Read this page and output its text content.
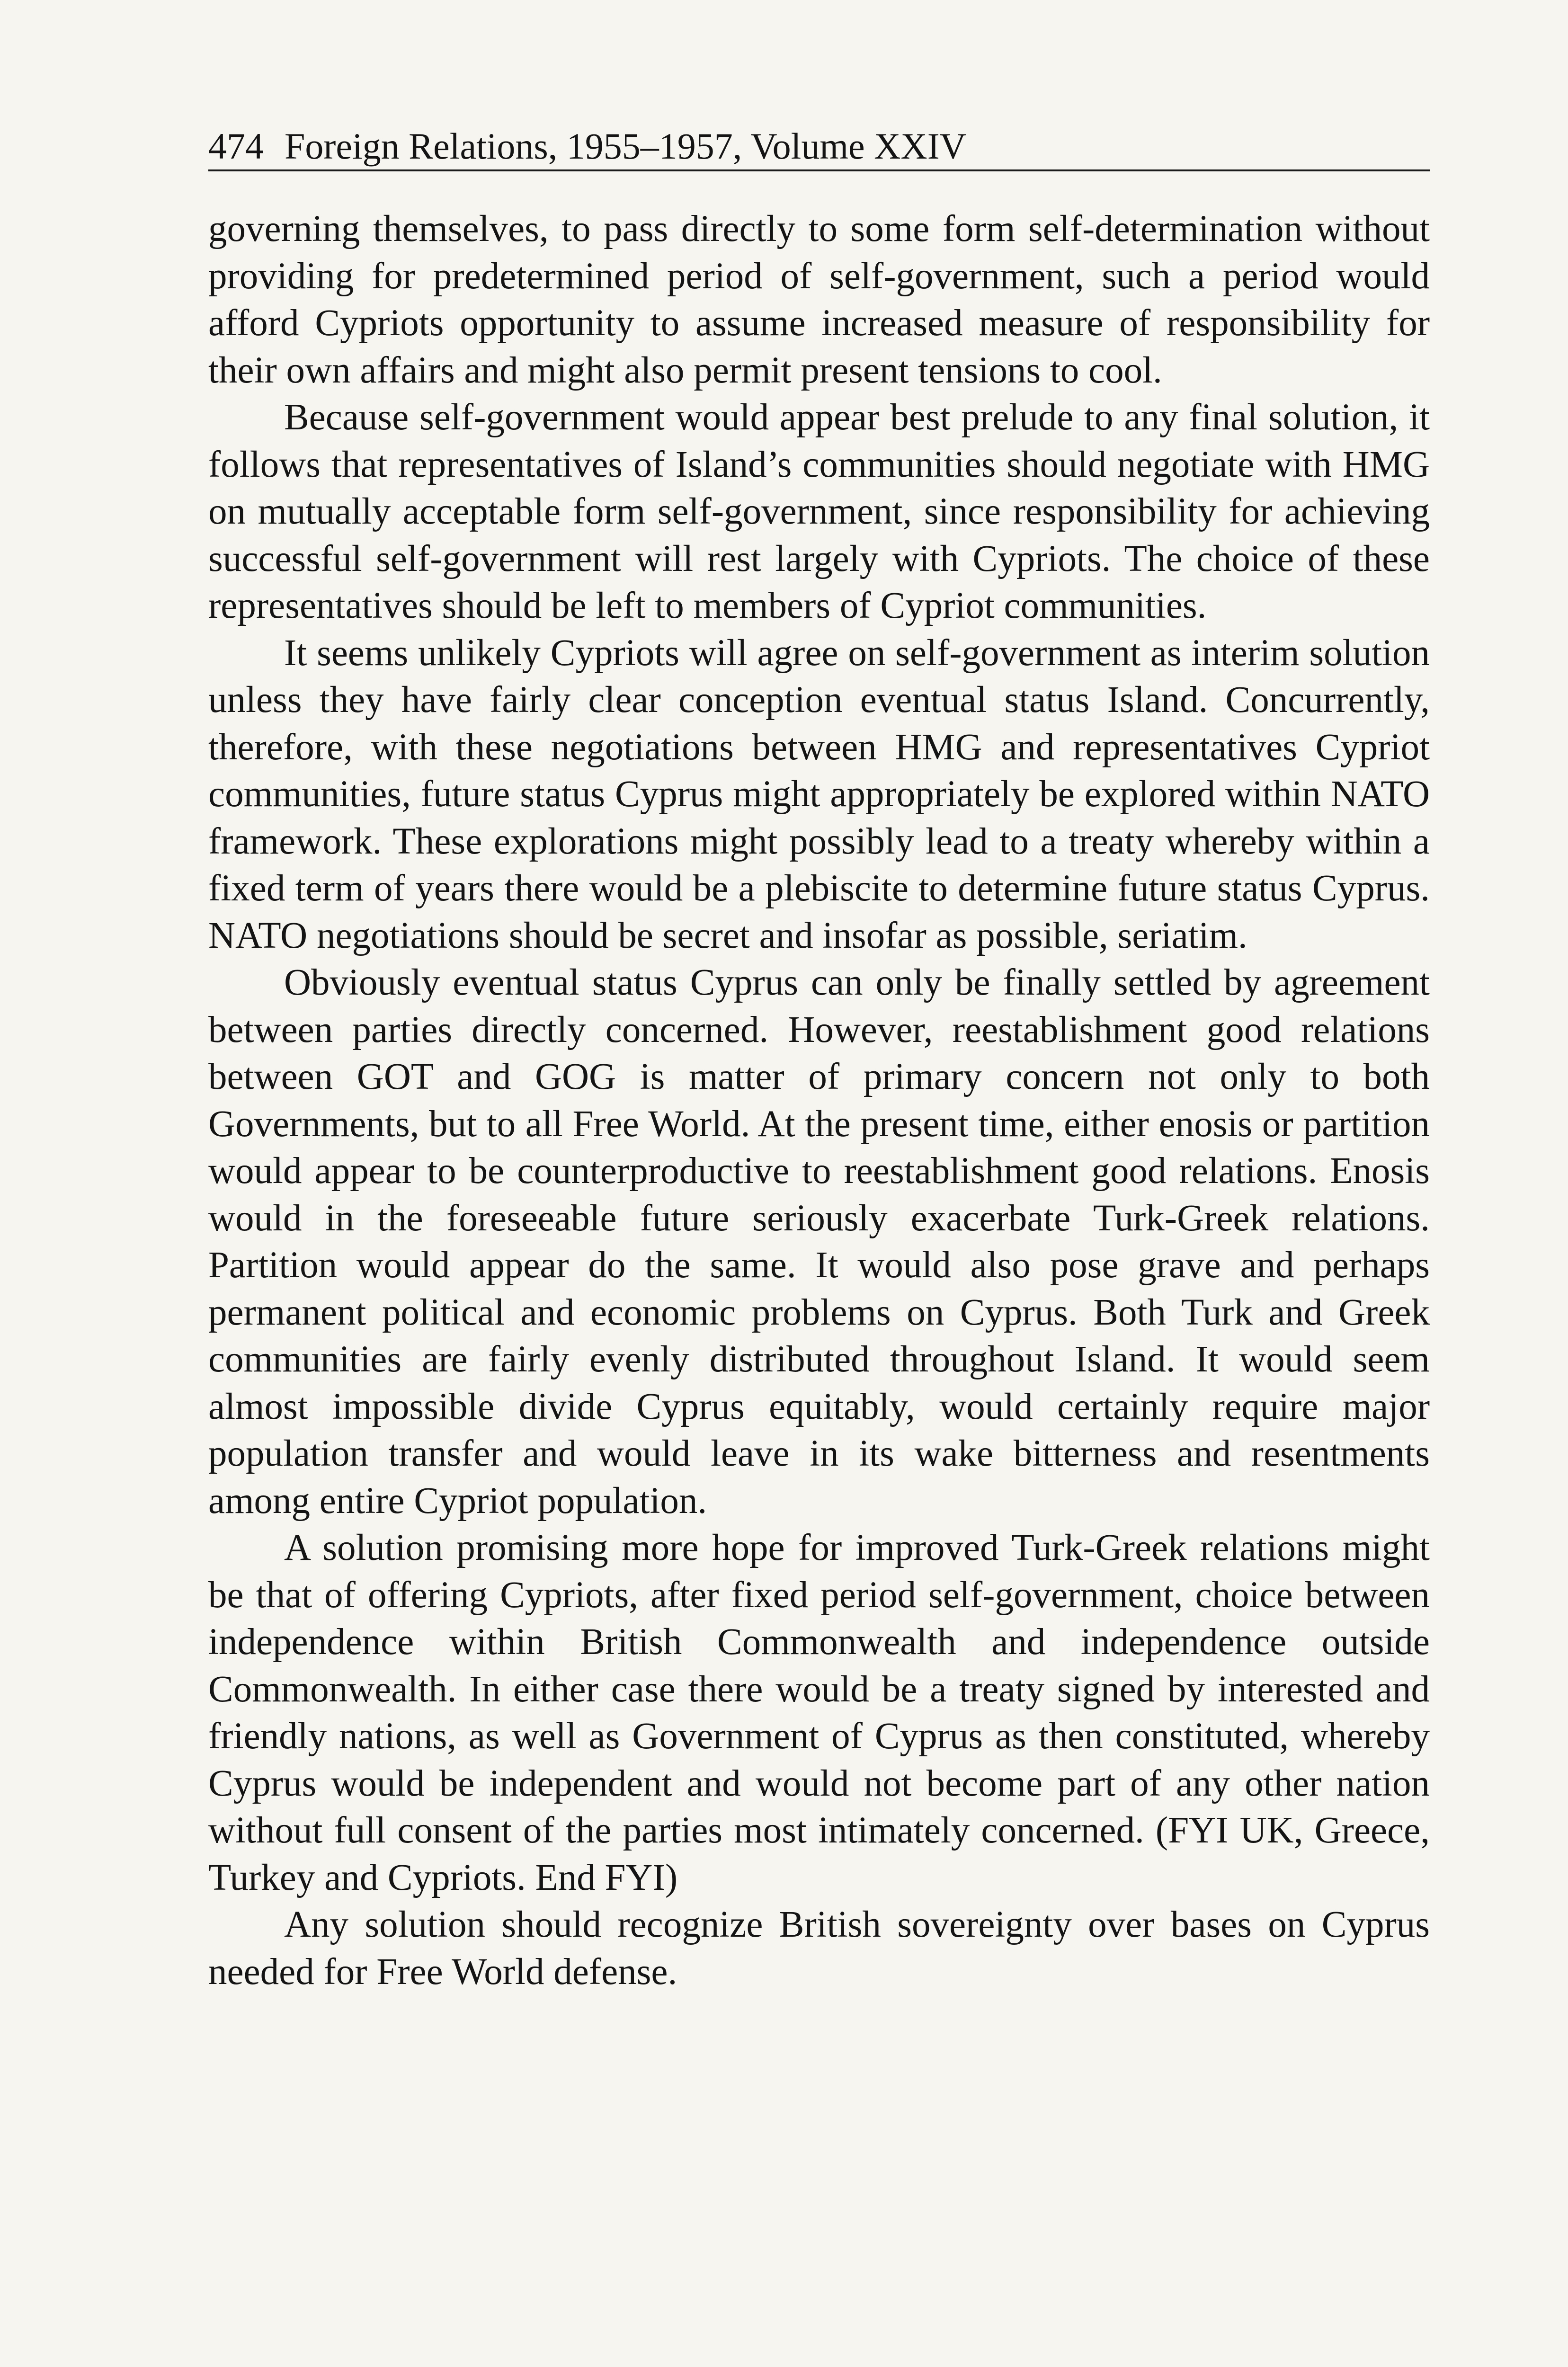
474 Foreign Relations, 1955–1957, Volume XXIV

governing themselves, to pass directly to some form self-determination without providing for predetermined period of self-government, such a period would afford Cypriots opportunity to assume increased measure of responsibility for their own affairs and might also permit present tensions to cool.

Because self-government would appear best prelude to any final solution, it follows that representatives of Island’s communities should negotiate with HMG on mutually acceptable form self-government, since responsibility for achieving successful self-government will rest largely with Cypriots. The choice of these representatives should be left to members of Cypriot communities.

It seems unlikely Cypriots will agree on self-government as interim solution unless they have fairly clear conception eventual status Island. Concurrently, therefore, with these negotiations between HMG and representatives Cypriot communities, future status Cyprus might appropriately be explored within NATO framework. These explorations might possibly lead to a treaty whereby within a fixed term of years there would be a plebiscite to determine future status Cyprus. NATO negotiations should be secret and insofar as possible, seriatim.

Obviously eventual status Cyprus can only be finally settled by agreement between parties directly concerned. However, reestablishment good relations between GOT and GOG is matter of primary concern not only to both Governments, but to all Free World. At the present time, either enosis or partition would appear to be counterproductive to reestablishment good relations. Enosis would in the foreseeable future seriously exacerbate Turk-Greek relations. Partition would appear do the same. It would also pose grave and perhaps permanent political and economic problems on Cyprus. Both Turk and Greek communities are fairly evenly distributed throughout Island. It would seem almost impossible divide Cyprus equitably, would certainly require major population transfer and would leave in its wake bitterness and resentments among entire Cypriot population.

A solution promising more hope for improved Turk-Greek relations might be that of offering Cypriots, after fixed period self-government, choice between independence within British Commonwealth and independence outside Commonwealth. In either case there would be a treaty signed by interested and friendly nations, as well as Government of Cyprus as then constituted, whereby Cyprus would be independent and would not become part of any other nation without full consent of the parties most intimately concerned. (FYI UK, Greece, Turkey and Cypriots. End FYI)

Any solution should recognize British sovereignty over bases on Cyprus needed for Free World defense.
